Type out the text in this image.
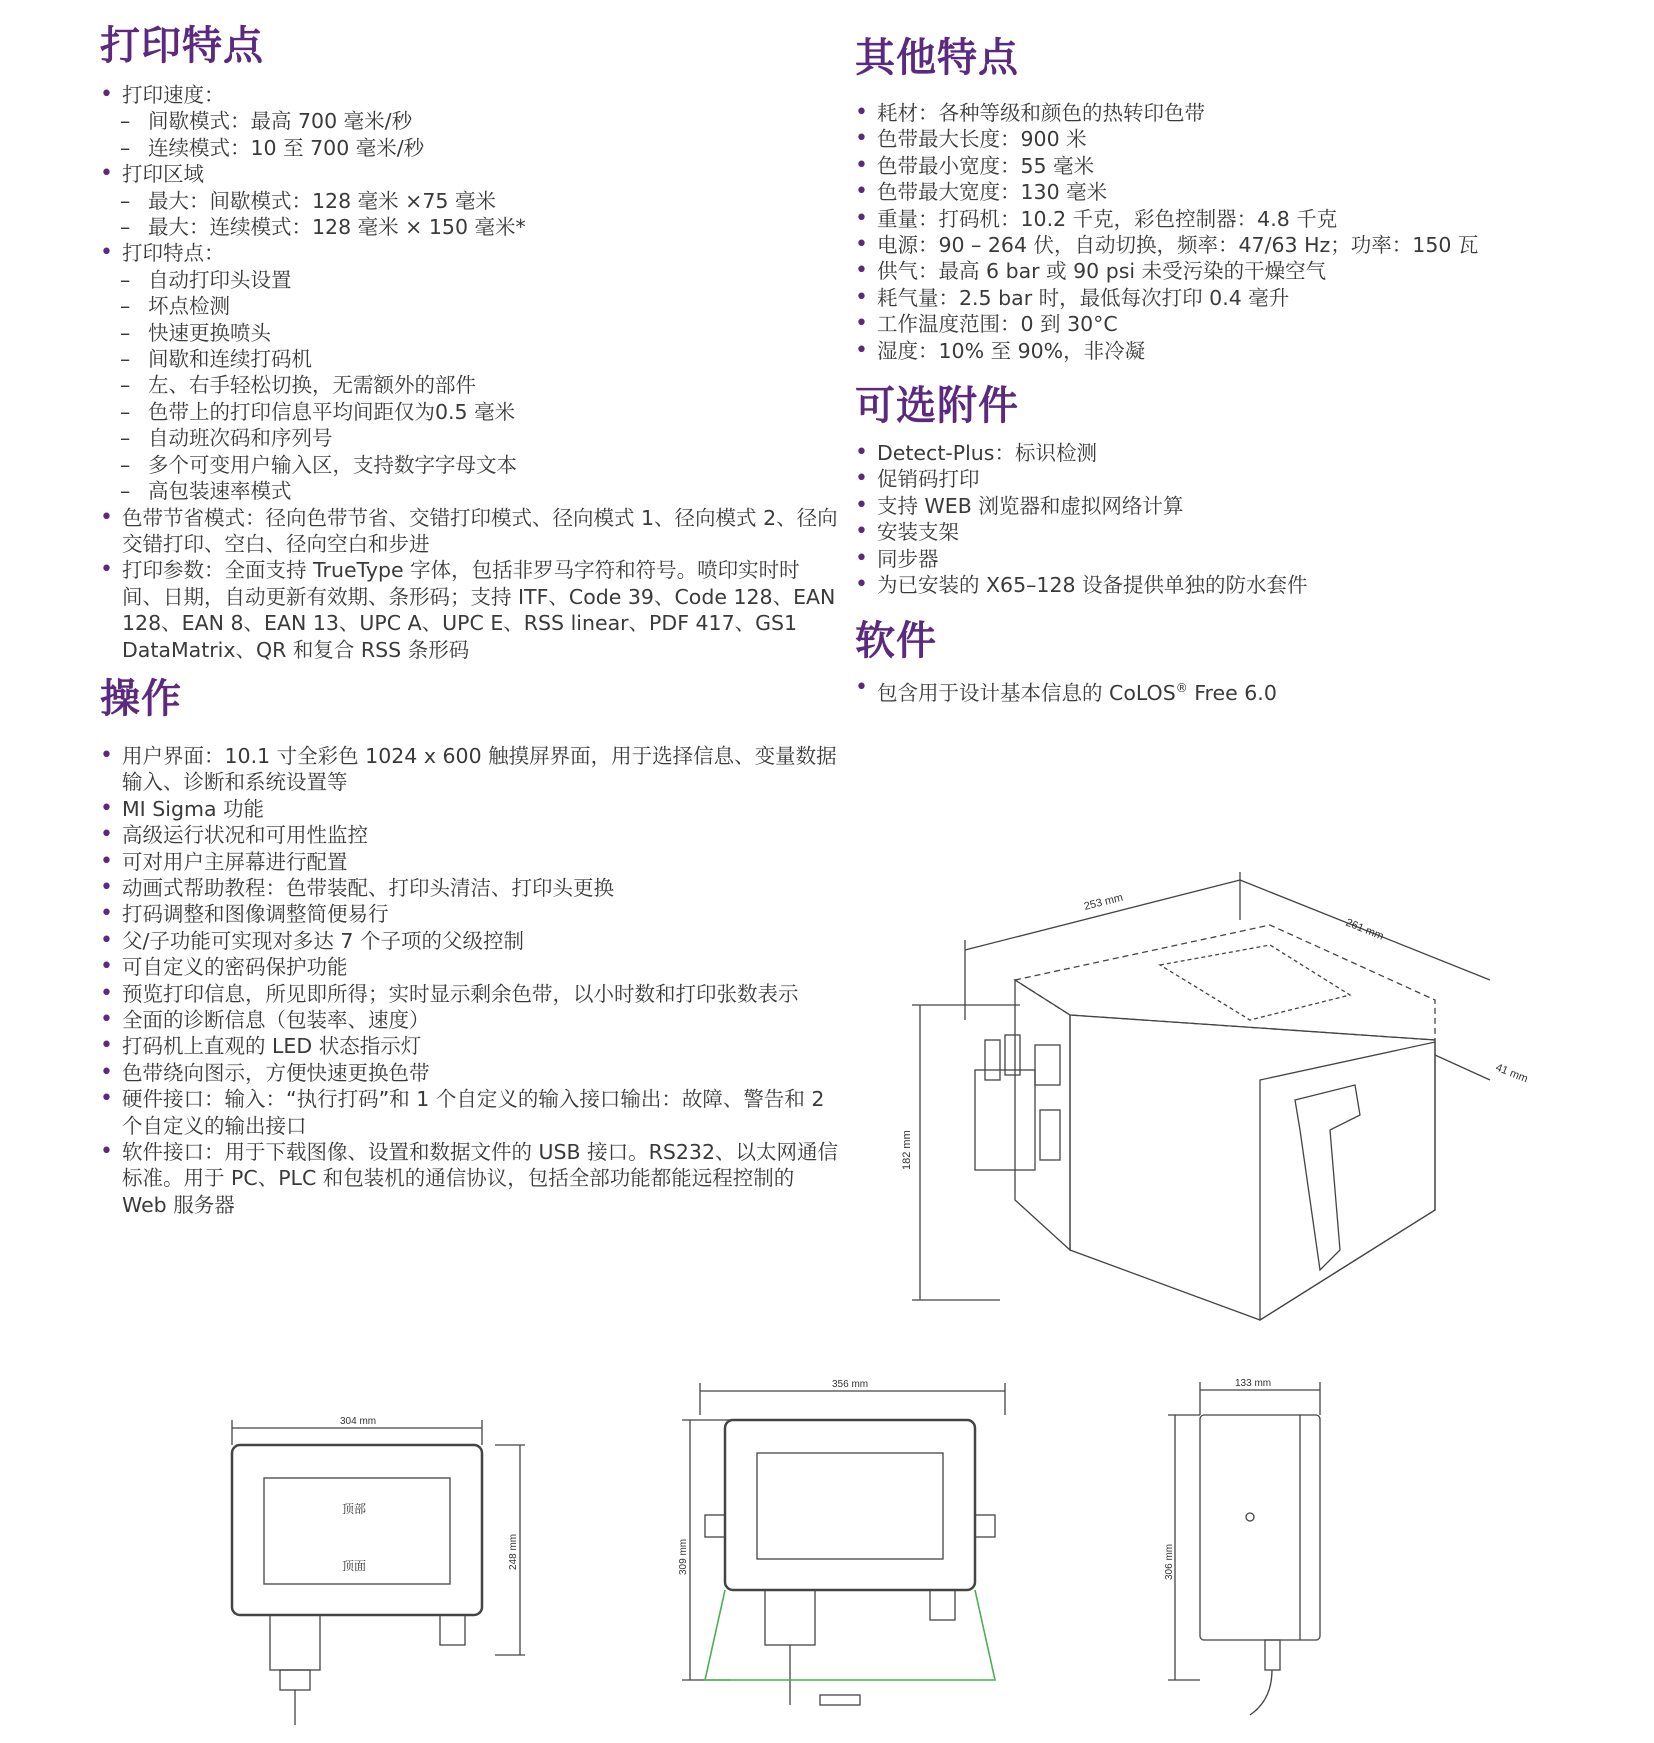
打印特点
• 打印速度：
– 间歇模式：最高 700 毫米/秒
– 连续模式：10 至 700 毫米/秒
• 打印区域
– 最大：间歇模式：128 毫米 ×75 毫米
– 最大：连续模式：128 毫米 × 150 毫米*
• 打印特点：
– 自动打印头设置
– 坏点检测
– 快速更换喷头
– 间歇和连续打码机
– 左、右手轻松切换，无需额外的部件
– 色带上的打印信息平均间距仅为0.5 毫米
– 自动班次码和序列号
– 多个可变用户输入区，支持数字字母文本
– 高包装速率模式
• 色带节省模式：径向色带节省、交错打印模式、径向模式 1、径向模式 2、径向交错打印、空白、径向空白和步进
• 打印参数：全面支持 TrueType 字体，包括非罗马字符和符号。喷印实时时间、日期，自动更新有效期、条形码；支持 ITF、Code 39、Code 128、EAN 128、EAN 8、EAN 13、UPC A、UPC E、RSS linear、PDF 417、GS1 DataMatrix、QR 和复合 RSS 条形码
操作
• 用户界面：10.1 寸全彩色 1024 x 600 触摸屏界面，用于选择信息、变量数据输入、诊断和系统设置等
• MI Sigma 功能
• 高级运行状况和可用性监控
• 可对用户主屏幕进行配置
• 动画式帮助教程：色带装配、打印头清洁、打印头更换
• 打码调整和图像调整简便易行
• 父/子功能可实现对多达 7 个子项的父级控制
• 可自定义的密码保护功能
• 预览打印信息，所见即所得；实时显示剩余色带，以小时数和打印张数表示
• 全面的诊断信息（包装率、速度）
• 打码机上直观的 LED 状态指示灯
• 色带绕向图示，方便快速更换色带
• 硬件接口：输入：“执行打码”和 1 个自定义的输入接口输出：故障、警告和 2 个自定义的输出接口
• 软件接口：用于下载图像、设置和数据文件的 USB 接口。RS232、以太网通信标准。用于 PC、PLC 和包装机的通信协议，包括全部功能都能远程控制的 Web 服务器
其他特点
• 耗材：各种等级和颜色的热转印色带
• 色带最大长度：900 米
• 色带最小宽度：55 毫米
• 色带最大宽度：130 毫米
• 重量：打码机：10.2 千克，彩色控制器：4.8 千克
• 电源：90 – 264 伏，自动切换，频率：47/63 Hz；功率：150 瓦
• 供气：最高 6 bar 或 90 psi 未受污染的干燥空气
• 耗气量：2.5 bar 时，最低每次打印 0.4 毫升
• 工作温度范围：0 到 30°C
• 湿度：10% 至 90%，非冷凝
可选附件
• Detect-Plus：标识检测
• 促销码打印
• 支持 WEB 浏览器和虚拟网络计算
• 安装支架
• 同步器
• 为已安装的 X65–128 设备提供单独的防水套件
软件
• 包含用于设计基本信息的 CoLOS® Free 6.0
253 mm
261 mm
41 mm
182 mm
304 mm
248 mm
顶部
顶面
356 mm
309 mm
133 mm
306 mm
